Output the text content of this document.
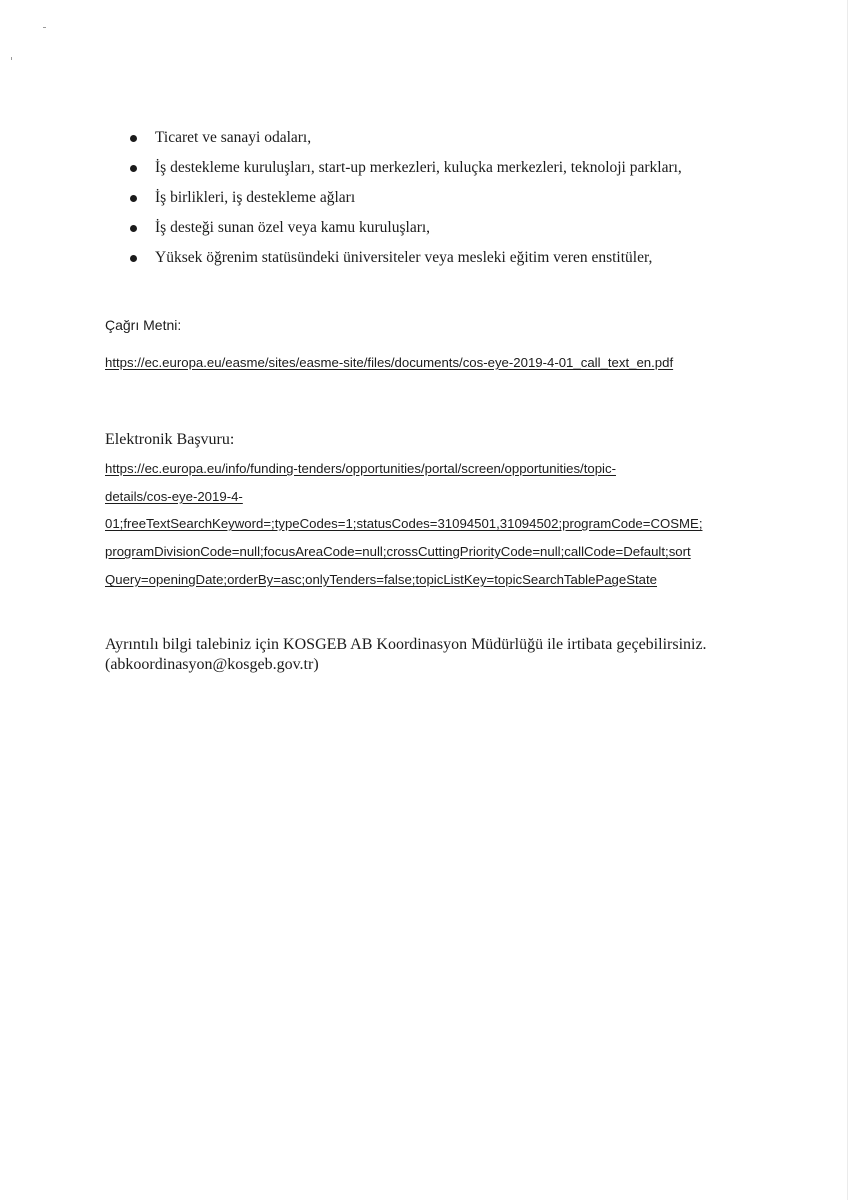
Ticaret ve sanayi odaları,
İş destekleme kuruluşları, start-up merkezleri, kuluçka merkezleri, teknoloji parkları,
İş birlikleri, iş destekleme ağları
İş desteği sunan özel veya kamu kuruluşları,
Yüksek öğrenim statüsündeki üniversiteler veya mesleki eğitim veren enstitüler,
Çağrı Metni:
https://ec.europa.eu/easme/sites/easme-site/files/documents/cos-eye-2019-4-01_call_text_en.pdf
Elektronik Başvuru:
https://ec.europa.eu/info/funding-tenders/opportunities/portal/screen/opportunities/topic-
details/cos-eye-2019-4-
01;freeTextSearchKeyword=;typeCodes=1;statusCodes=31094501,31094502;programCode=COSME;
programDivisionCode=null;focusAreaCode=null;crossCuttingPriorityCode=null;callCode=Default;sort
Query=openingDate;orderBy=asc;onlyTenders=false;topicListKey=topicSearchTablePageState
Ayrıntılı bilgi talebiniz için KOSGEB AB Koordinasyon Müdürlüğü ile irtibata geçebilirsiniz.
(abkoordinasyon@kosgeb.gov.tr)
